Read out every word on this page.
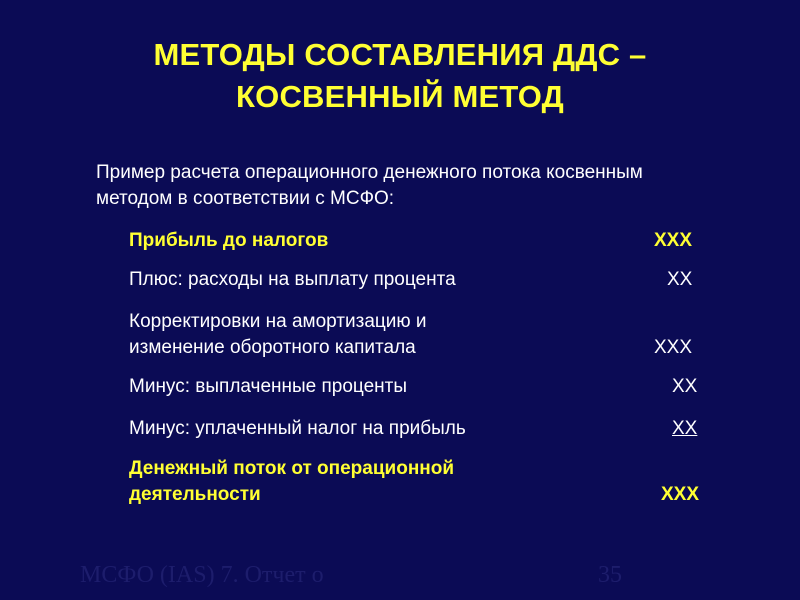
МЕТОДЫ СОСТАВЛЕНИЯ ДДС –
КОСВЕННЫЙ МЕТОД
Пример расчета операционного денежного потока косвенным
методом в соответствии с МСФО:
Прибыль до налогов	XXX
Плюс: расходы на выплату процента	XX
Корректировки на амортизацию и
изменение оборотного капитала	XXX
Минус: выплаченные проценты	XX
Минус: уплаченный налог на прибыль	XX
Денежный поток от операционной
деятельности	XXX
МСФО (IAS) 7. Отчет о	35
